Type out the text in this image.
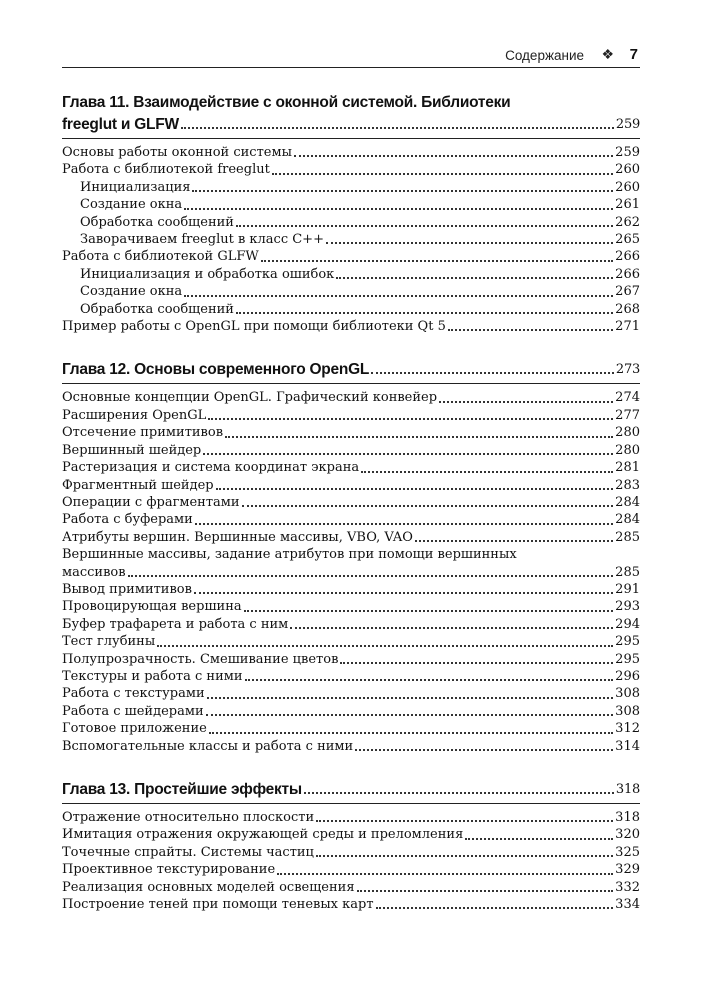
Содержание ❖ 7
Глава 11. Взаимодействие с оконной системой. Библиотеки
freeglut и GLFW	259
Основы работы оконной системы	259
Работа с библиотекой freeglut	260
Инициализация	260
Создание окна	261
Обработка сообщений	262
Заворачиваем freeglut в класс C++	265
Работа с библиотекой GLFW	266
Инициализация и обработка ошибок	266
Создание окна	267
Обработка сообщений	268
Пример работы с OpenGL при помощи библиотеки Qt 5	271
Глава 12. Основы современного OpenGL	273
Основные концепции OpenGL. Графический конвейер	274
Расширения OpenGL	277
Отсечение примитивов	280
Вершинный шейдер	280
Растеризация и система координат экрана	281
Фрагментный шейдер	283
Операции с фрагментами	284
Работа с буферами	284
Атрибуты вершин. Вершинные массивы, VBO, VAO	285
Вершинные массивы, задание атрибутов при помощи вершинных
массивов	285
Вывод примитивов	291
Провоцирующая вершина	293
Буфер трафарета и работа с ним	294
Тест глубины	295
Полупрозрачность. Смешивание цветов	295
Текстуры и работа с ними	296
Работа с текстурами	308
Работа с шейдерами	308
Готовое приложение	312
Вспомогательные классы и работа с ними	314
Глава 13. Простейшие эффекты	318
Отражение относительно плоскости	318
Имитация отражения окружающей среды и преломления	320
Точечные спрайты. Системы частиц	325
Проективное текстурирование	329
Реализация основных моделей освещения	332
Построение теней при помощи теневых карт	334
